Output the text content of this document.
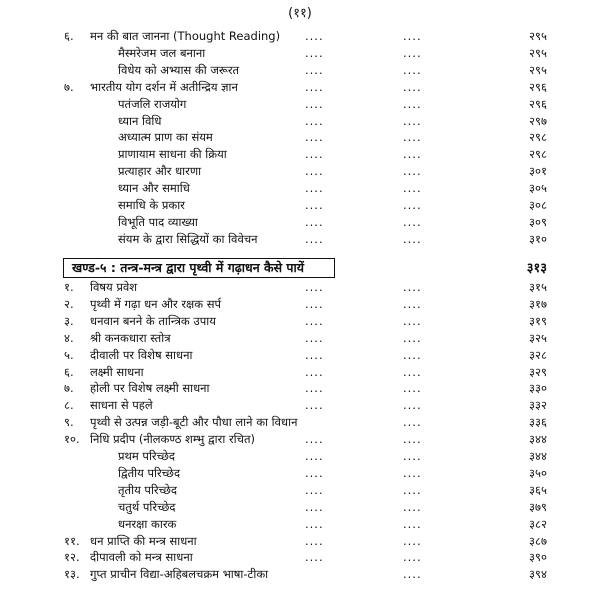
(११)
६. मन की बात जानना (Thought Reading) ....	....	२९५
मैस्मरेजम जल बनाना	....	....	२९५
विधेय को अभ्यास की जरूरत	....	....	२९५
७. भारतीय योग दर्शन में अतीन्द्रिय ज्ञान	....	....	२९६
पतंजलि राजयोग	....	....	२९६
ध्यान विधि	....	....	२९७
अध्यात्म प्राण का संयम	....	....	२९८
प्राणायाम साधना की क्रिया	....	....	२९८
प्रत्याहार और धारणा	....	....	३०१
ध्यान और समाधि	....	....	३०५
समाधि के प्रकार	....	....	३०८
विभूति पाद व्याख्या	....	....	३०९
संयम के द्वारा सिद्धियों का विवेचन	....	....	३१०
खण्ड-५ : तन्त्र-मन्त्र द्वारा पृथ्वी में गढ़ाधन कैसे पायें	३१३
१. विषय प्रवेश	....	....	३१५
२. पृथ्वी में गढ़ा धन और रक्षक सर्प	....	....	३१७
३. धनवान बनने के तान्त्रिक उपाय	....	....	३१९
४. श्री कनकधारा स्तोत्र	....	....	३२५
५. दीवाली पर विशेष साधना	....	....	३२८
६. लक्ष्मी साधना	....	....	३२९
७. होली पर विशेष लक्ष्मी साधना	....	....	३३०
८. साधना से पहले	....	....	३३२
९. पृथ्वी से उत्पन्न जड़ी-बूटी और पौधा लाने का विधान	....	३३६
१०. निधि प्रदीप (नीलकण्ठ शम्भु द्वारा रचित)	....	....	३४४
प्रथम परिच्छेद	....	....	३४४
द्वितीय परिच्छेद	....	....	३५०
तृतीय परिच्छेद	....	....	३६५
चतुर्थ परिच्छेद	....	....	३७९
धनरक्षा कारक	....	....	३८२
११. धन प्राप्ति की मन्त्र साधना	....	....	३८७
१२. दीपावली को मन्त्र साधना	....	....	३९०
१३. गुप्त प्राचीन विद्या-अहिबलचक्रम भाषा-टीका	....	३९४
